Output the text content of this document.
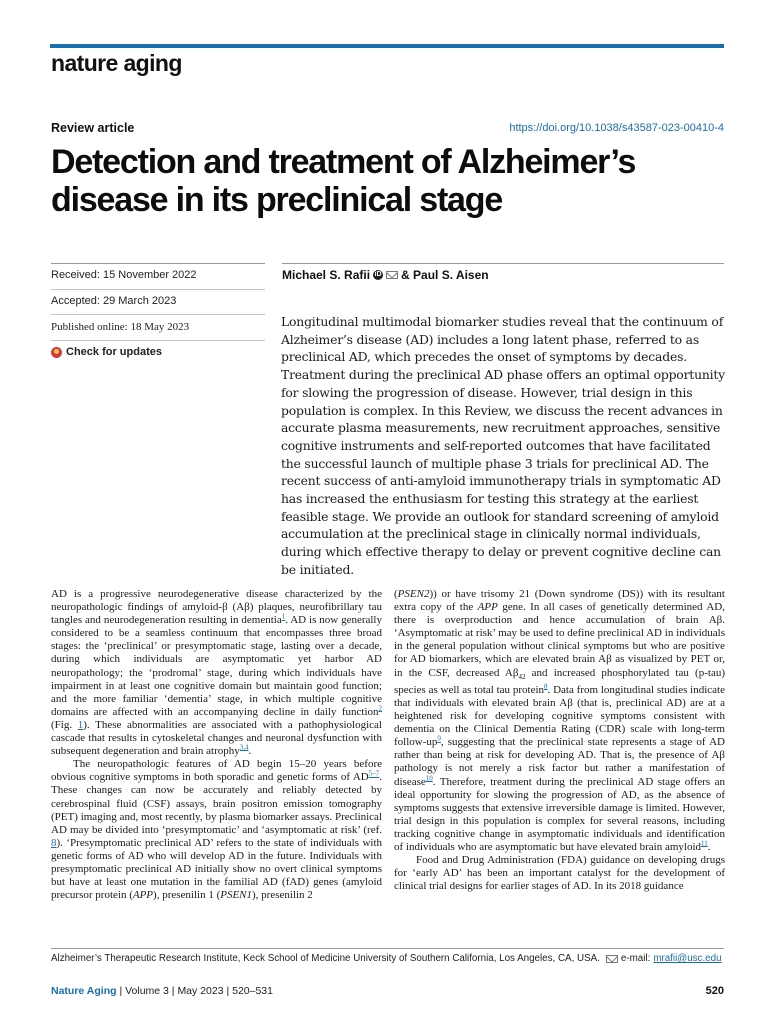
nature aging
Review article	https://doi.org/10.1038/s43587-023-00410-4
Detection and treatment of Alzheimer’s disease in its preclinical stage
Received: 15 November 2022
Accepted: 29 March 2023
Published online: 18 May 2023
Check for updates
Michael S. Rafii iD & Paul S. Aisen

Longitudinal multimodal biomarker studies reveal that the continuum of Alzheimer’s disease (AD) includes a long latent phase, referred to as preclinical AD, which precedes the onset of symptoms by decades. Treatment during the preclinical AD phase offers an optimal opportunity for slowing the progression of disease. However, trial design in this population is complex. In this Review, we discuss the recent advances in accurate plasma measurements, new recruitment approaches, sensitive cognitive instruments and self-reported outcomes that have facilitated the successful launch of multiple phase 3 trials for preclinical AD. The recent success of anti-amyloid immunotherapy trials in symptomatic AD has increased the enthusiasm for testing this strategy at the earliest feasible stage. We provide an outlook for standard screening of amyloid accumulation at the preclinical stage in clinically normal individuals, during which effective therapy to delay or prevent cognitive decline can be initiated.

AD is a progressive neurodegenerative disease characterized by the neuropathologic findings of amyloid-β (Aβ) plaques, neurofibrillary tau tangles and neurodegeneration resulting in dementia$^1$. AD is now generally considered to be a seamless continuum that encompasses three broad stages: the ‘preclinical’ or presymptomatic stage, lasting over a decade, during which individuals are asymptomatic yet harbor AD neuropathology; the ‘prodromal’ stage, during which individuals have impairment in at least one cognitive domain but maintain good function; and the more familiar ‘dementia’ stage, in which multiple cognitive domains are affected with an accompanying decline in daily function$^2$ (Fig. 1). These abnormalities are associated with a pathophysiological cascade that results in cytoskeletal changes and neuronal dysfunction with subsequent degeneration and brain atrophy$^{3,4}$.

The neuropathologic features of AD begin 15–20 years before obvious cognitive symptoms in both sporadic and genetic forms of AD$^{5-7}$. These changes can now be accurately and reliably detected by cerebrospinal fluid (CSF) assays, brain positron emission tomography (PET) imaging and, most recently, by plasma biomarker assays. Preclinical AD may be divided into ‘presymptomatic’ and ‘asymptomatic at risk’ (ref. 8). ‘Presymptomatic preclinical AD’ refers to the state of individuals with genetic forms of AD who will develop AD in the future. Individuals with presymptomatic preclinical AD initially show no overt clinical symptoms but have at least one mutation in the familial AD (fAD) genes (amyloid precursor protein (APP), presenilin 1 (PSEN1), presenilin 2

(PSEN2)) or have trisomy 21 (Down syndrome (DS)) with its resultant extra copy of the APP gene. In all cases of genetically determined AD, there is overproduction and hence accumulation of brain Aβ. ‘Asymptomatic at risk’ may be used to define preclinical AD in individuals in the general population without clinical symptoms but who are positive for AD biomarkers, which are elevated brain Aβ as visualized by PET or, in the CSF, decreased $A\beta_{42}$ and increased phosphorylated tau (p-tau) species as well as total tau protein$^8$. Data from longitudinal studies indicate that individuals with elevated brain Aβ (that is, preclinical AD) are at a heightened risk for developing cognitive symptoms consistent with dementia on the Clinical Dementia Rating (CDR) scale with long-term follow-up$^9$, suggesting that the preclinical state represents a stage of AD rather than being at risk for developing AD. That is, the presence of Aβ pathology is not merely a risk factor but rather a manifestation of disease$^{10}$. Therefore, treatment during the preclinical AD stage offers an ideal opportunity for slowing the progression of AD, as the absence of symptoms suggests that extensive irreversible damage is limited. However, trial design in this population is complex for several reasons, including tracking cognitive change in asymptomatic individuals and identification of individuals who are asymptomatic but have elevated brain amyloid$^{11}$.

Food and Drug Administration (FDA) guidance on developing drugs for ‘early AD’ has been an important catalyst for the development of clinical trial designs for earlier stages of AD. In its 2018 guidance

Alzheimer’s Therapeutic Research Institute, Keck School of Medicine University of Southern California, Los Angeles, CA, USA. e-mail: mrafii@usc.edu
Nature Aging | Volume 3 | May 2023 | 520–531	520
